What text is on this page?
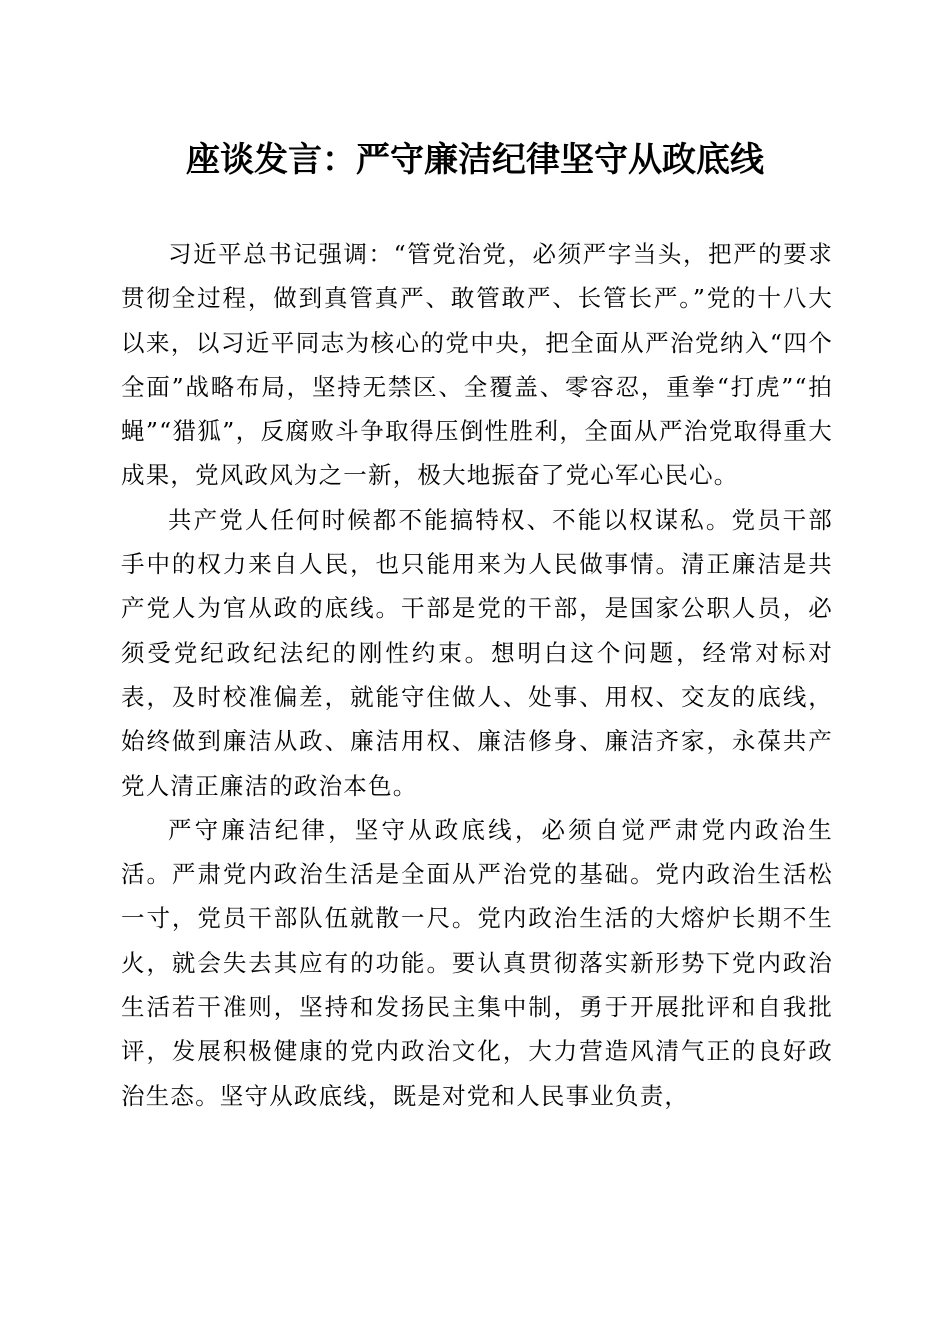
座谈发言：严守廉洁纪律坚守从政底线

习近平总书记强调：“管党治党，必须严字当头，把严的要求贯彻全过程，做到真管真严、敢管敢严、长管长严。”党的十八大以来，以习近平同志为核心的党中央，把全面从严治党纳入“四个全面”战略布局，坚持无禁区、全覆盖、零容忍，重拳“打虎”“拍蝇”“猎狐”，反腐败斗争取得压倒性胜利，全面从严治党取得重大成果，党风政风为之一新，极大地振奋了党心军心民心。

共产党人任何时候都不能搞特权、不能以权谋私。党员干部手中的权力来自人民，也只能用来为人民做事情。清正廉洁是共产党人为官从政的底线。干部是党的干部，是国家公职人员，必须受党纪政纪法纪的刚性约束。想明白这个问题，经常对标对表，及时校准偏差，就能守住做人、处事、用权、交友的底线，始终做到廉洁从政、廉洁用权、廉洁修身、廉洁齐家，永葆共产党人清正廉洁的政治本色。

严守廉洁纪律，坚守从政底线，必须自觉严肃党内政治生活。严肃党内政治生活是全面从严治党的基础。党内政治生活松一寸，党员干部队伍就散一尺。党内政治生活的大熔炉长期不生火，就会失去其应有的功能。要认真贯彻落实新形势下党内政治生活若干准则，坚持和发扬民主集中制，勇于开展批评和自我批评，发展积极健康的党内政治文化，大力营造风清气正的良好政治生态。坚守从政底线，既是对党和人民事业负责，
